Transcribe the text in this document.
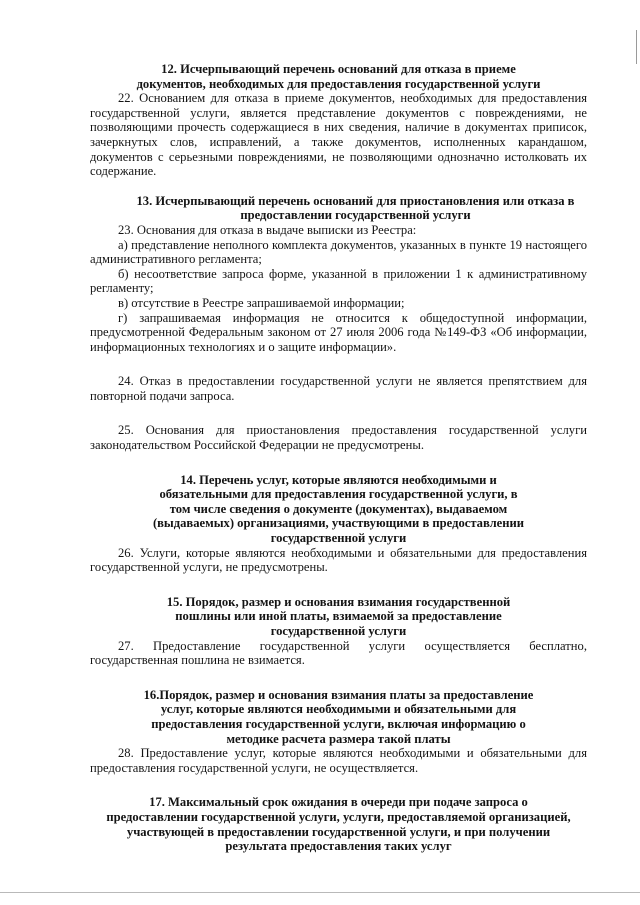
12. Исчерпывающий перечень оснований для отказа в приеме документов, необходимых для предоставления государственной услуги

22. Основанием для отказа в приеме документов, необходимых для предоставления государственной услуги, является представление документов с повреждениями, не позволяющими прочесть содержащиеся в них сведения, наличие в документах приписок, зачеркнутых слов, исправлений, а также документов, исполненных карандашом, документов с серьезными повреждениями, не позволяющими однозначно истолковать их содержание.

13. Исчерпывающий перечень оснований для приостановления или отказа в предоставлении государственной услуги

23. Основания для отказа в выдаче выписки из Реестра:

а) представление неполного комплекта документов, указанных в пункте 19 настоящего административного регламента;

б) несоответствие запроса форме, указанной в приложении 1 к административному регламенту;

в) отсутствие в Реестре запрашиваемой информации;

г) запрашиваемая информация не относится к общедоступной информации, предусмотренной Федеральным законом от 27 июля 2006 года №149-ФЗ «Об информации, информационных технологиях и о защите информации».

24. Отказ в предоставлении государственной услуги не является препятствием для повторной подачи запроса.

25. Основания для приостановления предоставления государственной услуги законодательством Российской Федерации не предусмотрены.

14. Перечень услуг, которые являются необходимыми и обязательными для предоставления государственной услуги, в том числе сведения о документе (документах), выдаваемом (выдаваемых) организациями, участвующими в предоставлении государственной услуги

26. Услуги, которые являются необходимыми и обязательными для предоставления государственной услуги, не предусмотрены.

15. Порядок, размер и основания взимания государственной пошлины или иной платы, взимаемой за предоставление государственной услуги

27. Предоставление государственной услуги осуществляется бесплатно, государственная пошлина не взимается.

16.Порядок, размер и основания взимания платы за предоставление услуг, которые являются необходимыми и обязательными для предоставления государственной услуги, включая информацию о методике расчета размера такой платы

28. Предоставление услуг, которые являются необходимыми и обязательными для предоставления государственной услуги, не осуществляется.

17. Максимальный срок ожидания в очереди при подаче запроса о предоставлении государственной услуги, услуги, предоставляемой организацией, участвующей в предоставлении государственной услуги, и при получении результата предоставления таких услуг
